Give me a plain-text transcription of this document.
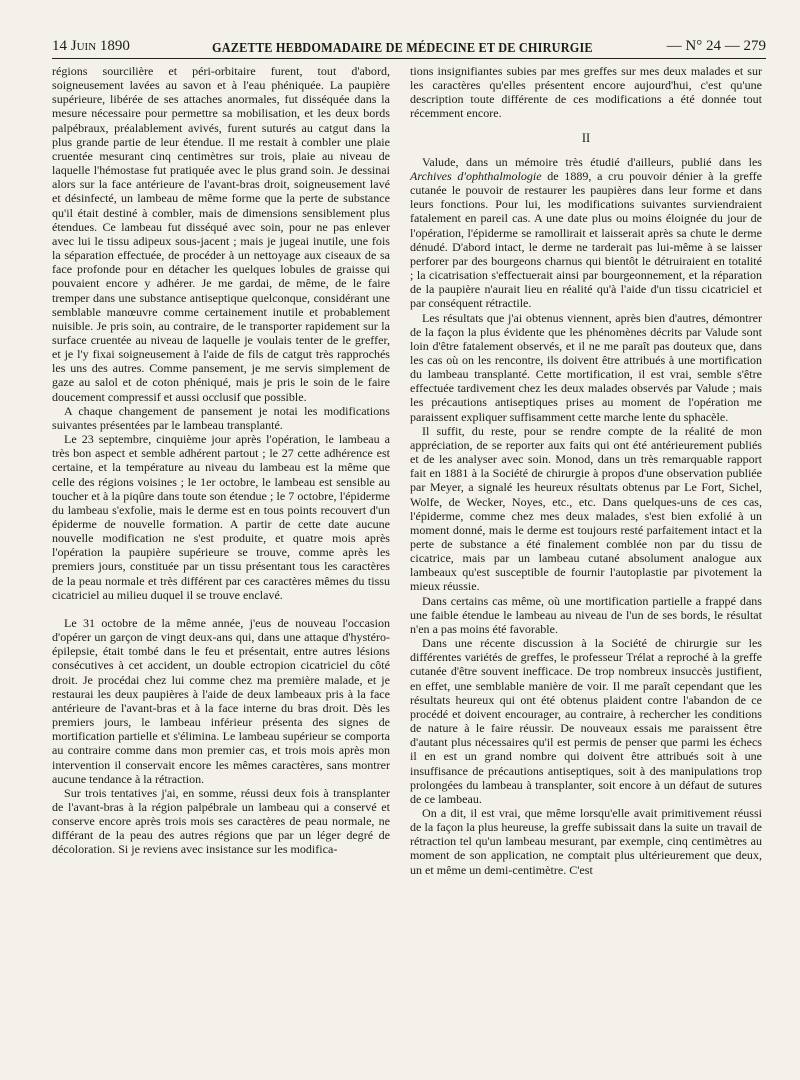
14 Juin 1890	GAZETTE HEBDOMADAIRE DE MÉDECINE ET DE CHIRURGIE	— N° 24 — 279

régions sourcilière et péri-orbitaire furent, tout d'abord, soigneusement lavées au savon et à l'eau phéniquée. La paupière supérieure, libérée de ses attaches anormales, fut disséquée dans la mesure nécessaire pour permettre sa mobilisation, et les deux bords palpébraux, préalablement avivés, furent suturés au catgut dans la plus grande partie de leur étendue. Il me restait à combler une plaie cruentée mesurant cinq centimètres sur trois, plaie au niveau de laquelle l'hémostase fut pratiquée avec le plus grand soin. Je dessinai alors sur la face antérieure de l'avant-bras droit, soigneusement lavé et désinfecté, un lambeau de même forme que la perte de substance qu'il était destiné à combler, mais de dimensions sensiblement plus étendues. Ce lambeau fut disséqué avec soin, pour ne pas enlever avec lui le tissu adipeux sous-jacent ; mais je jugeai inutile, une fois la séparation effectuée, de procéder à un nettoyage aux ciseaux de sa face profonde pour en détacher les quelques lobules de graisse qui pouvaient encore y adhérer. Je me gardai, de même, de le faire tremper dans une substance antiseptique quelconque, considérant une semblable manœuvre comme certainement inutile et probablement nuisible. Je pris soin, au contraire, de le transporter rapidement sur la surface cruentée au niveau de laquelle je voulais tenter de le greffer, et je l'y fixai soigneusement à l'aide de fils de catgut très rapprochés les uns des autres. Comme pansement, je me servis simplement de gaze au salol et de coton phéniqué, mais je pris le soin de le faire doucement compressif et aussi occlusif que possible.

A chaque changement de pansement je notai les modifications suivantes présentées par le lambeau transplanté.

Le 23 septembre, cinquième jour après l'opération, le lambeau a très bon aspect et semble adhérent partout ; le 27 cette adhérence est certaine, et la température au niveau du lambeau est la même que celle des régions voisines ; le 1er octobre, le lambeau est sensible au toucher et à la piqûre dans toute son étendue ; le 7 octobre, l'épiderme du lambeau s'exfolie, mais le derme est en tous points recouvert d'un épiderme de nouvelle formation. A partir de cette date aucune nouvelle modification ne s'est produite, et quatre mois après l'opération la paupière supérieure se trouve, comme après les premiers jours, constituée par un tissu présentant tous les caractères de la peau normale et très différent par ces caractères mêmes du tissu cicatriciel au milieu duquel il se trouve enclavé.

Le 31 octobre de la même année, j'eus de nouveau l'occasion d'opérer un garçon de vingt deux-ans qui, dans une attaque d'hystéro-épilepsie, était tombé dans le feu et présentait, entre autres lésions consécutives à cet accident, un double ectropion cicatriciel du côté droit. Je procédai chez lui comme chez ma première malade, et je restaurai les deux paupières à l'aide de deux lambeaux pris à la face antérieure de l'avant-bras et à la face interne du bras droit. Dès les premiers jours, le lambeau inférieur présenta des signes de mortification partielle et s'élimina. Le lambeau supérieur se comporta au contraire comme dans mon premier cas, et trois mois après mon intervention il conservait encore les mêmes caractères, sans montrer aucune tendance à la rétraction.

Sur trois tentatives j'ai, en somme, réussi deux fois à transplanter de l'avant-bras à la région palpébrale un lambeau qui a conservé et conserve encore après trois mois ses caractères de peau normale, ne différant de la peau des autres régions que par un léger degré de décoloration. Si je reviens avec insistance sur les modifica-

tions insignifiantes subies par mes greffes sur mes deux malades et sur les caractères qu'elles présentent encore aujourd'hui, c'est qu'une description toute différente de ces modifications a été donnée tout récemment encore.

II

Valude, dans un mémoire très étudié d'ailleurs, publié dans les Archives d'ophthalmologie de 1889, a cru pouvoir dénier à la greffe cutanée le pouvoir de restaurer les paupières dans leur forme et dans leurs fonctions. Pour lui, les modifications suivantes surviendraient fatalement en pareil cas. A une date plus ou moins éloignée du jour de l'opération, l'épiderme se ramollirait et laisserait après sa chute le derme dénudé. D'abord intact, le derme ne tarderait pas lui-même à se laisser perforer par des bourgeons charnus qui bientôt le détruiraient en totalité ; la cicatrisation s'effectuerait ainsi par bourgeonnement, et la réparation de la paupière n'aurait lieu en réalité qu'à l'aide d'un tissu cicatriciel et par conséquent rétractile.

Les résultats que j'ai obtenus viennent, après bien d'autres, démontrer de la façon la plus évidente que les phénomènes décrits par Valude sont loin d'être fatalement observés, et il ne me paraît pas douteux que, dans les cas où on les rencontre, ils doivent être attribués à une mortification du lambeau transplanté. Cette mortification, il est vrai, semble s'être effectuée tardivement chez les deux malades observés par Valude ; mais les précautions antiseptiques prises au moment de l'opération me paraissent expliquer suffisamment cette marche lente du sphacèle.

Il suffit, du reste, pour se rendre compte de la réalité de mon appréciation, de se reporter aux faits qui ont été antérieurement publiés et de les analyser avec soin. Monod, dans un très remarquable rapport fait en 1881 à la Société de chirurgie à propos d'une observation publiée par Meyer, a signalé les heureux résultats obtenus par Le Fort, Sichel, Wolfe, de Wecker, Noyes, etc., etc. Dans quelques-uns de ces cas, l'épiderme, comme chez mes deux malades, s'est bien exfolié à un moment donné, mais le derme est toujours resté parfaitement intact et la perte de substance a été finalement comblée non par du tissu de cicatrice, mais par un lambeau cutané absolument analogue aux lambeaux qu'est susceptible de fournir l'autoplastie par pivotement la mieux réussie.

Dans certains cas même, où une mortification partielle a frappé dans une faible étendue le lambeau au niveau de l'un de ses bords, le résultat n'en a pas moins été favorable.

Dans une récente discussion à la Société de chirurgie sur les différentes variétés de greffes, le professeur Trélat a reproché à la greffe cutanée d'être souvent inefficace. De trop nombreux insuccès justifient, en effet, une semblable manière de voir. Il me paraît cependant que les résultats heureux qui ont été obtenus plaident contre l'abandon de ce procédé et doivent encourager, au contraire, à rechercher les conditions de nature à le faire réussir. De nouveaux essais me paraissent être d'autant plus nécessaires qu'il est permis de penser que parmi les échecs il en est un grand nombre qui doivent être attribués soit à une insuffisance de précautions antiseptiques, soit à des manipulations trop prolongées du lambeau à transplanter, soit encore à un défaut de sutures de ce lambeau.

On a dit, il est vrai, que même lorsqu'elle avait primitivement réussi de la façon la plus heureuse, la greffe subissait dans la suite un travail de rétraction tel qu'un lambeau mesurant, par exemple, cinq centimètres au moment de son application, ne comptait plus ultérieurement que deux, un et même un demi-centimètre. C'est
